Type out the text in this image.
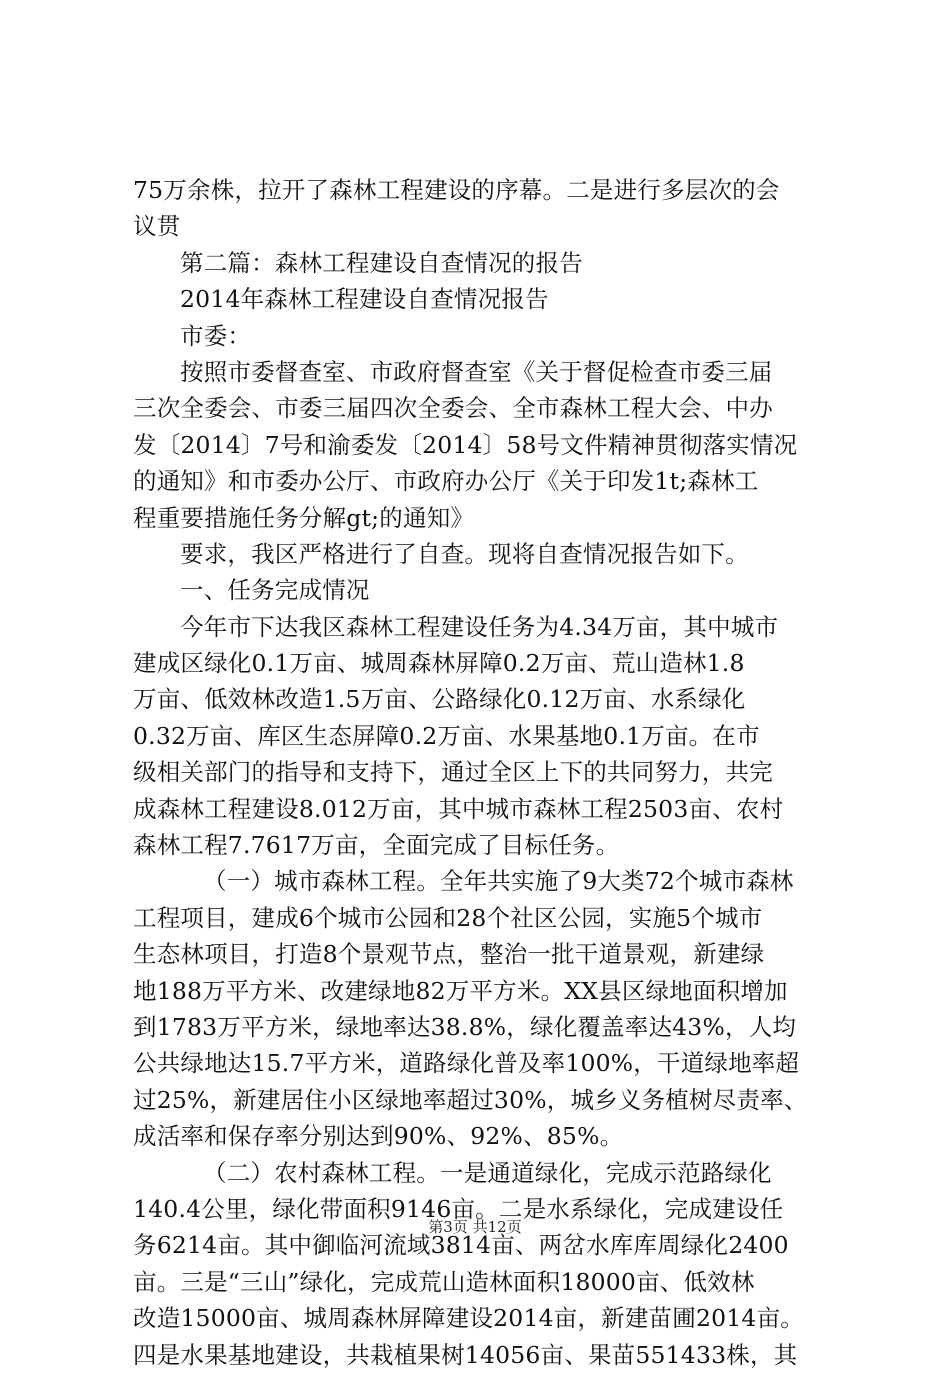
75万余株，拉开了森林工程建设的序幕。二是进行多层次的会
议贯
第二篇：森林工程建设自查情况的报告
2014年森林工程建设自查情况报告
市委：
按照市委督查室、市政府督查室《关于督促检查市委三届
三次全委会、市委三届四次全委会、全市森林工程大会、中办
发〔2014〕7号和渝委发〔2014〕58号文件精神贯彻落实情况
的通知》和市委办公厅、市政府办公厅《关于印发1t;森林工
程重要措施任务分解gt;的通知》
要求，我区严格进行了自查。现将自查情况报告如下。
一、任务完成情况
今年市下达我区森林工程建设任务为4.34万亩，其中城市
建成区绿化0.1万亩、城周森林屏障0.2万亩、荒山造林1.8
万亩、低效林改造1.5万亩、公路绿化0.12万亩、水系绿化
0.32万亩、库区生态屏障0.2万亩、水果基地0.1万亩。在市
级相关部门的指导和支持下，通过全区上下的共同努力，共完
成森林工程建设8.012万亩，其中城市森林工程2503亩、农村
森林工程7.7617万亩，全面完成了目标任务。
（一）城市森林工程。全年共实施了9大类72个城市森林
工程项目，建成6个城市公园和28个社区公园，实施5个城市
生态林项目，打造8个景观节点，整治一批干道景观，新建绿
地188万平方米、改建绿地82万平方米。XX县区绿地面积增加
到1783万平方米，绿地率达38.8%，绿化覆盖率达43%，人均
公共绿地达15.7平方米，道路绿化普及率100%，干道绿地率超
过25%，新建居住小区绿地率超过30%，城乡义务植树尽责率、
成活率和保存率分别达到90%、92%、85%。
（二）农村森林工程。一是通道绿化，完成示范路绿化
140.4公里，绿化带面积9146亩。二是水系绿化，完成建设任
务6214亩。其中御临河流域3814亩、两岔水库库周绿化2400
亩。三是“三山”绿化，完成荒山造林面积18000亩、低效林
改造15000亩、城周森林屏障建设2014亩，新建苗圃2014亩。
四是水果基地建设，共栽植果树14056亩、果苗551433株，其
第3页 共12页
